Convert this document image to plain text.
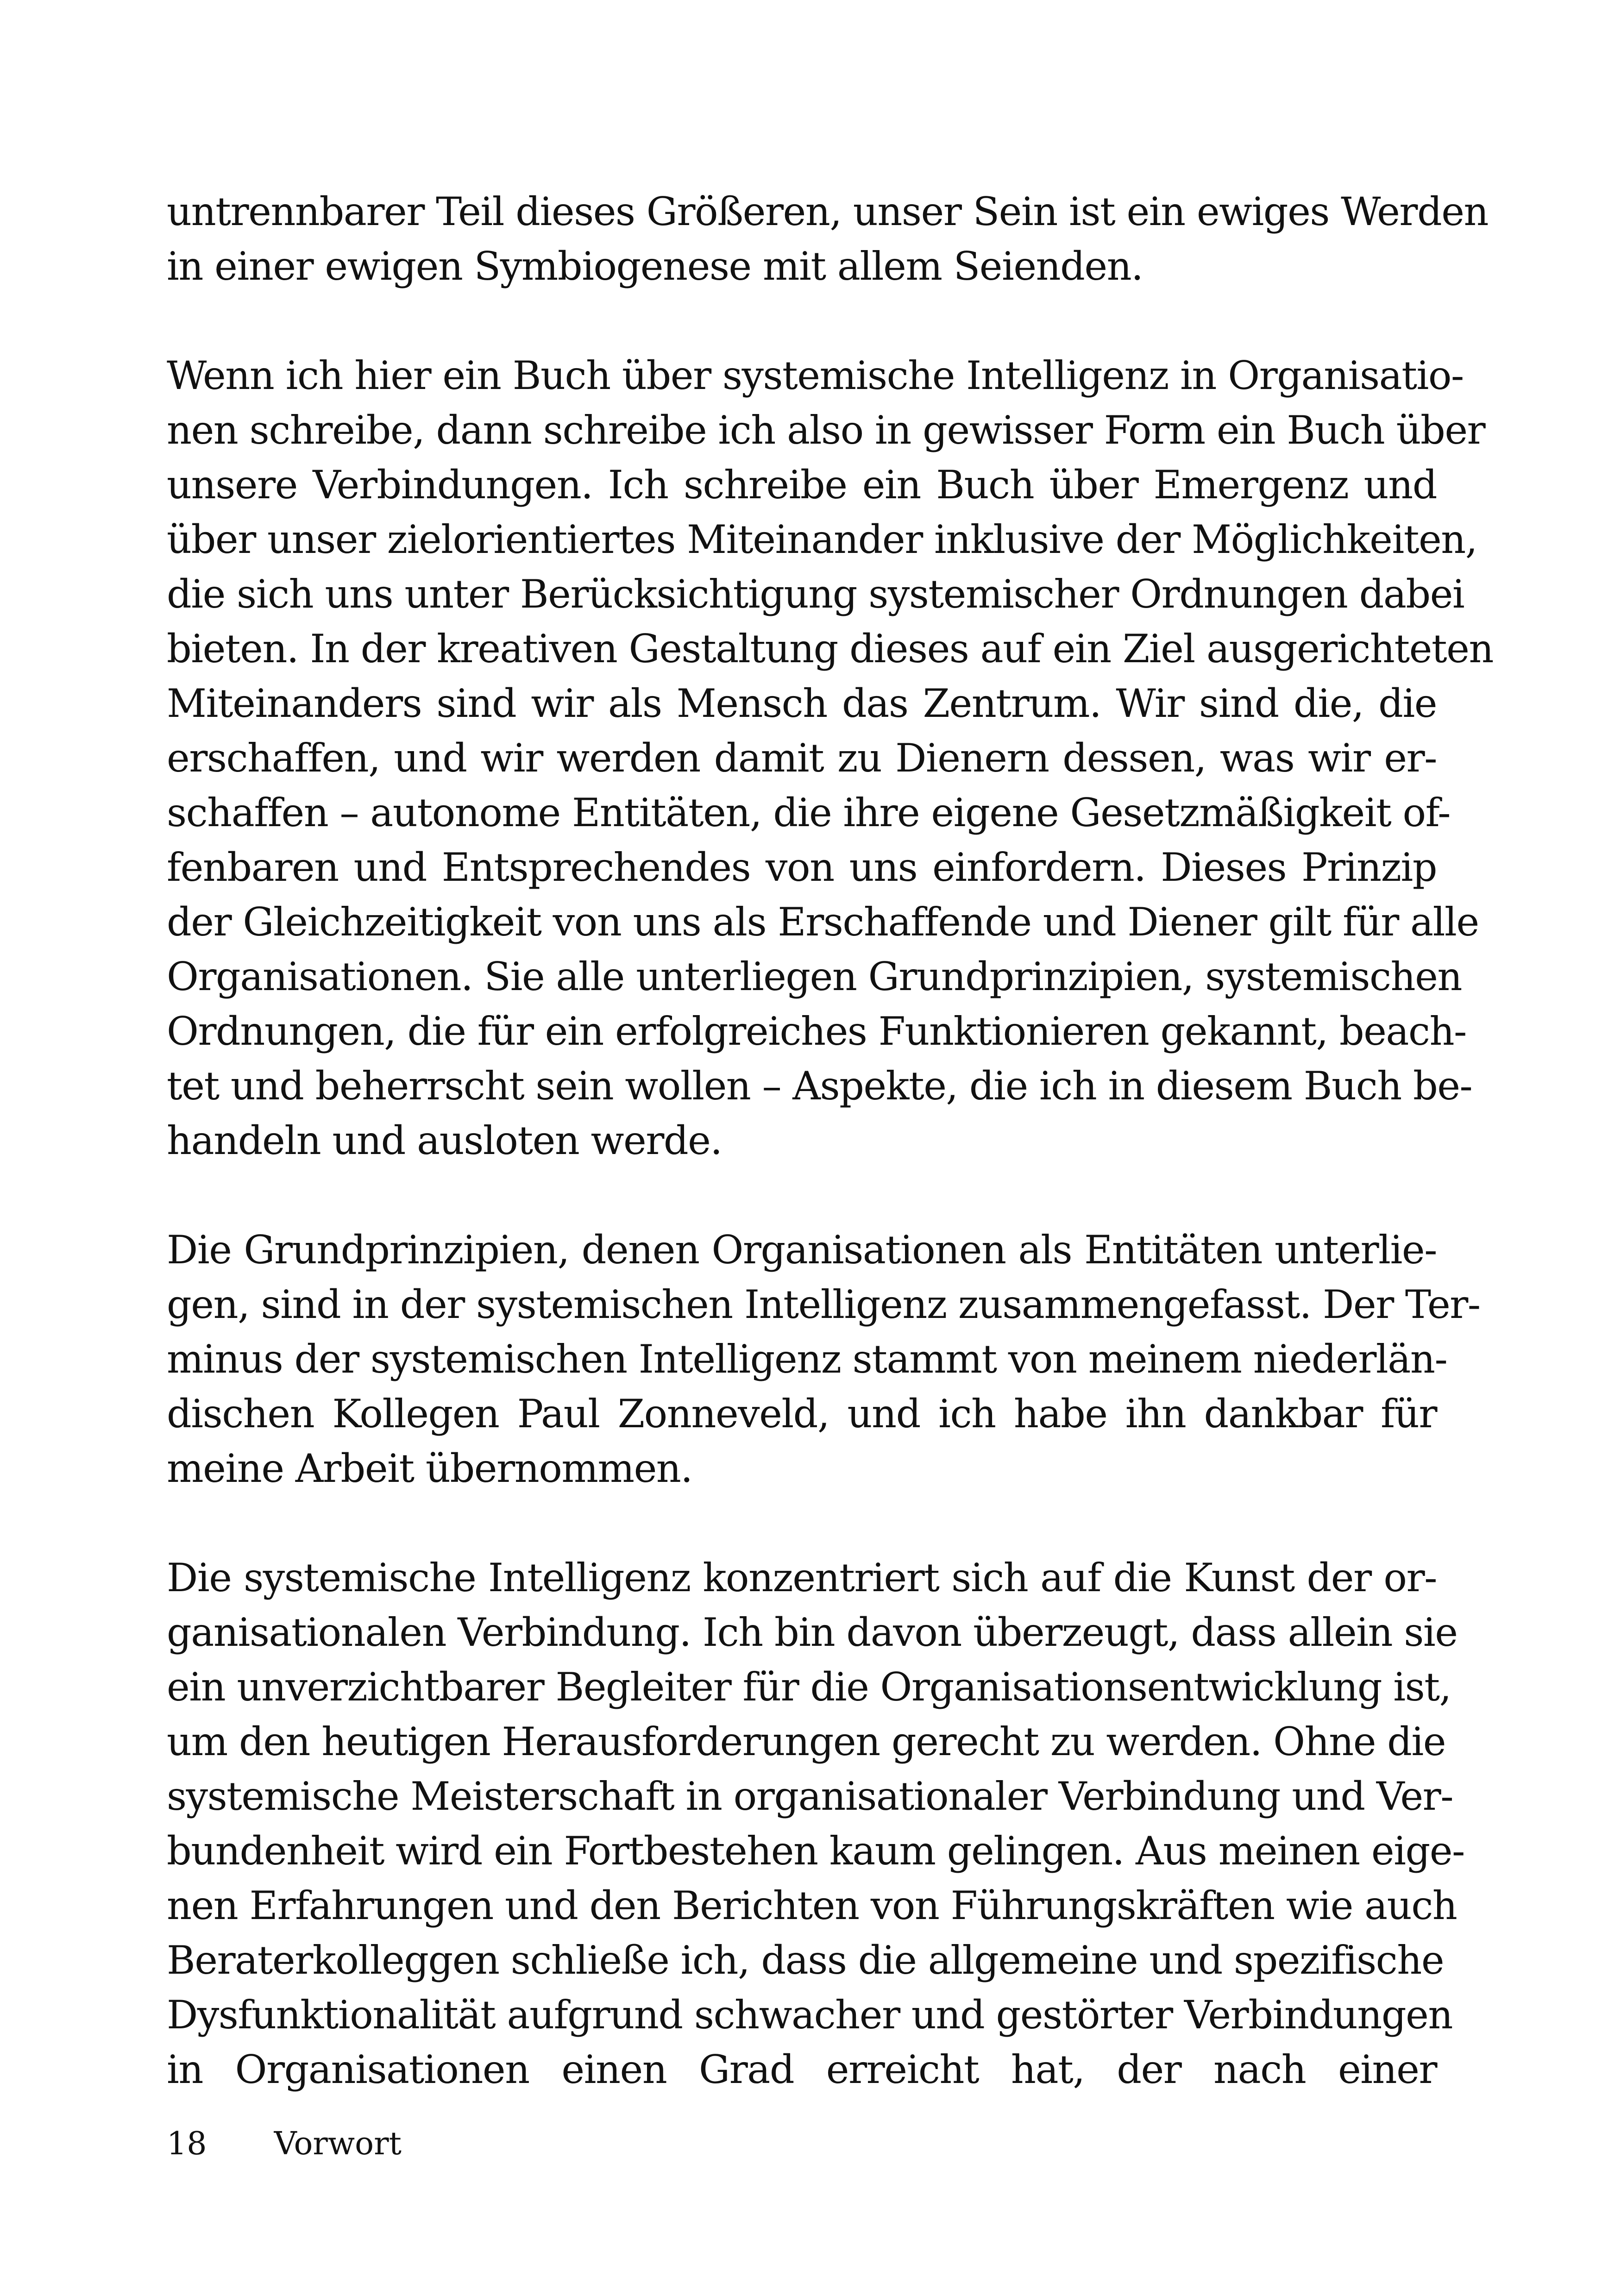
untrennbarer Teil dieses Größeren, unser Sein ist ein ewiges Werden
in einer ewigen Symbiogenese mit allem Seienden.
Wenn ich hier ein Buch über systemische Intelligenz in Organisatio-
nen schreibe, dann schreibe ich also in gewisser Form ein Buch über
unsere Verbindungen. Ich schreibe ein Buch über Emergenz und
über unser zielorientiertes Miteinander inklusive der Möglichkeiten,
die sich uns unter Berücksichtigung systemischer Ordnungen dabei
bieten. In der kreativen Gestaltung dieses auf ein Ziel ausgerichteten
Miteinanders sind wir als Mensch das Zentrum. Wir sind die, die
erschaffen, und wir werden damit zu Dienern dessen, was wir er-
schaffen – autonome Entitäten, die ihre eigene Gesetzmäßigkeit of-
fenbaren und Entsprechendes von uns einfordern. Dieses Prinzip
der Gleichzeitigkeit von uns als Erschaffende und Diener gilt für alle
Organisationen. Sie alle unterliegen Grundprinzipien, systemischen
Ordnungen, die für ein erfolgreiches Funktionieren gekannt, beach-
tet und beherrscht sein wollen – Aspekte, die ich in diesem Buch be-
handeln und ausloten werde.
Die Grundprinzipien, denen Organisationen als Entitäten unterlie-
gen, sind in der systemischen Intelligenz zusammengefasst. Der Ter-
minus der systemischen Intelligenz stammt von meinem niederlän-
dischen Kollegen Paul Zonneveld, und ich habe ihn dankbar für
meine Arbeit übernommen.
Die systemische Intelligenz konzentriert sich auf die Kunst der or-
ganisationalen Verbindung. Ich bin davon überzeugt, dass allein sie
ein unverzichtbarer Begleiter für die Organisationsentwicklung ist,
um den heutigen Herausforderungen gerecht zu werden. Ohne die
systemische Meisterschaft in organisationaler Verbindung und Ver-
bundenheit wird ein Fortbestehen kaum gelingen. Aus meinen eige-
nen Erfahrungen und den Berichten von Führungskräften wie auch
Beraterkolleggen schließe ich, dass die allgemeine und spezifische
Dysfunktionalität aufgrund schwacher und gestörter Verbindungen
in Organisationen einen Grad erreicht hat, der nach einer
18 Vorwort
